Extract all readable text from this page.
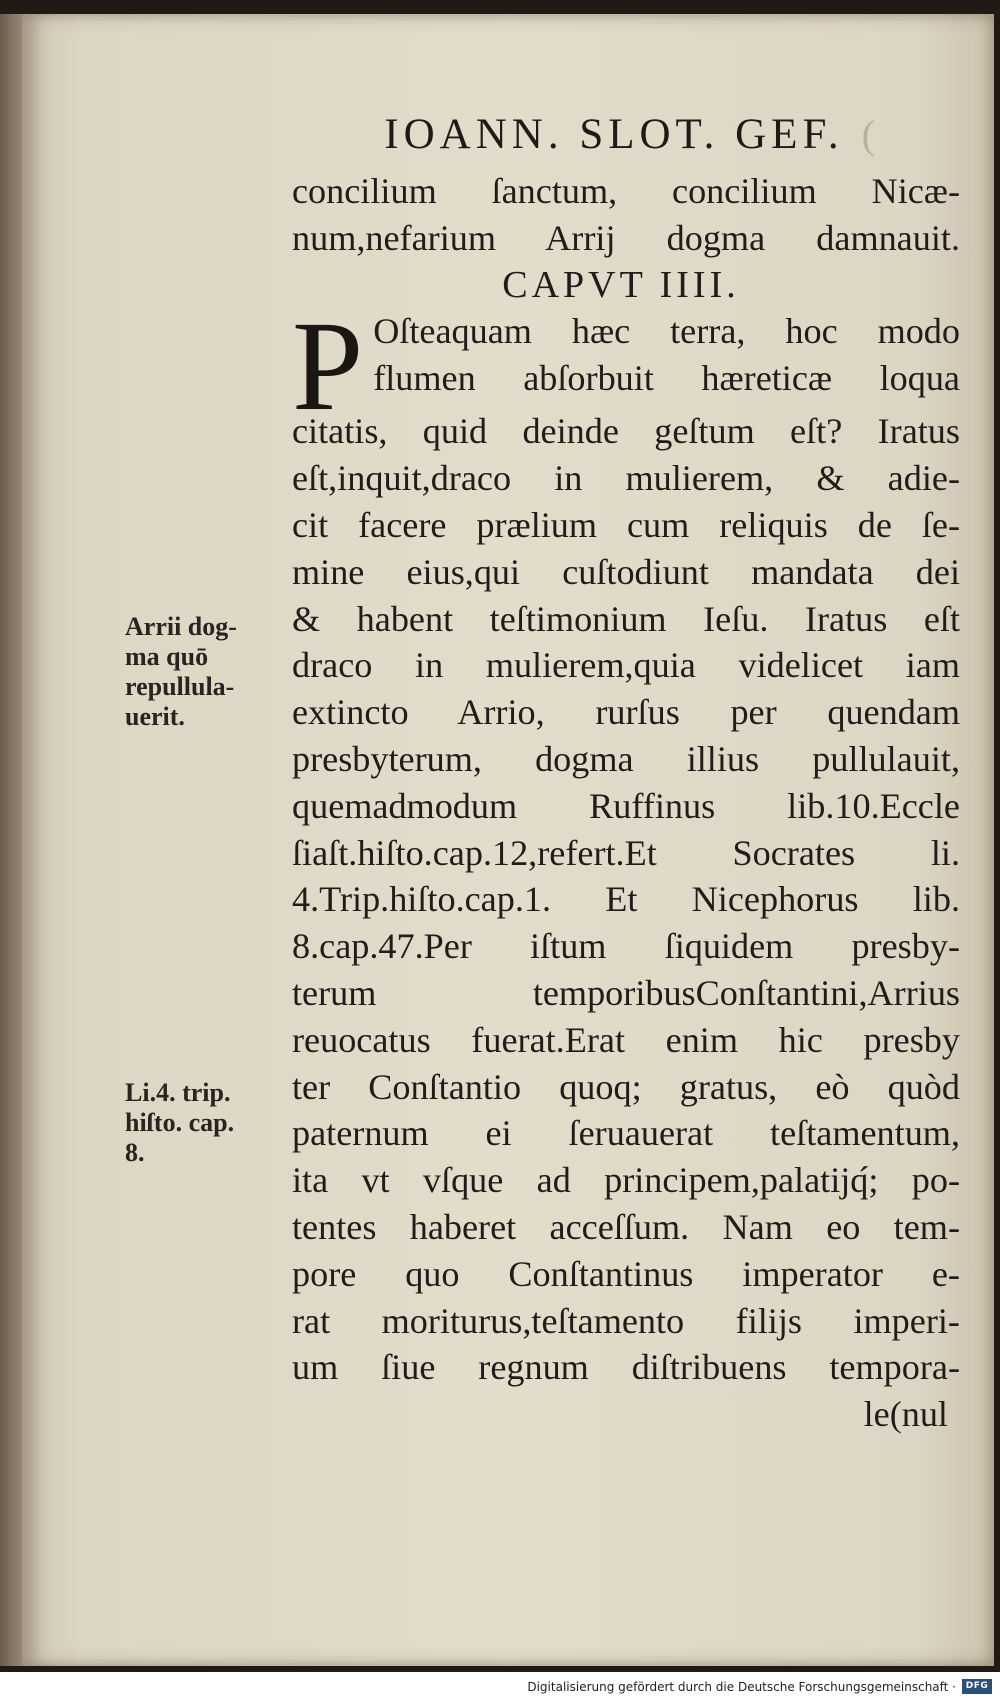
IOANN. SLOT. GEF. (
concilium ſanctum, concilium Nicæ-
num,nefarium Arrij dogma damnauit.
CAPVT IIII.
P Oſteaquam hæc terra, hoc modo
flumen abſorbuit hæreticæ loqua
citatis, quid deinde geſtum eſt? Iratus
eſt,inquit,draco in mulierem, & adie-
cit facere prælium cum reliquis de ſe-
mine eius,qui cuſtodiunt mandata dei
& habent teſtimonium Ieſu. Iratus eſt
draco in mulierem,quia videlicet iam
extincto Arrio, rurſus per quendam
presbyterum, dogma illius pullulauit,
quemadmodum Ruffinus lib.10.Eccle
ſiaſt.hiſto.cap.12,refert.Et Socrates li.
4.Trip.hiſto.cap.1. Et Nicephorus lib.
8.cap.47.Per iſtum ſiquidem presby-
terum temporibusConſtantini,Arrius
reuocatus fuerat.Erat enim hic presby
ter Conſtantio quoq; gratus, eò quòd
paternum ei ſeruauerat teſtamentum,
ita vt vſque ad principem,palatijq́; po-
tentes haberet acceſſum. Nam eo tem-
pore quo Conſtantinus imperator e-
rat moriturus,teſtamento filijs imperi-
um ſiue regnum diſtribuens tempora-
le(nul
Arrii dog-
ma quō
repullula-
uerit.
Li.4. trip.
hiſto. cap.
8.
Digitalisierung gefördert durch die Deutsche Forschungsgemeinschaft ·	DFG
